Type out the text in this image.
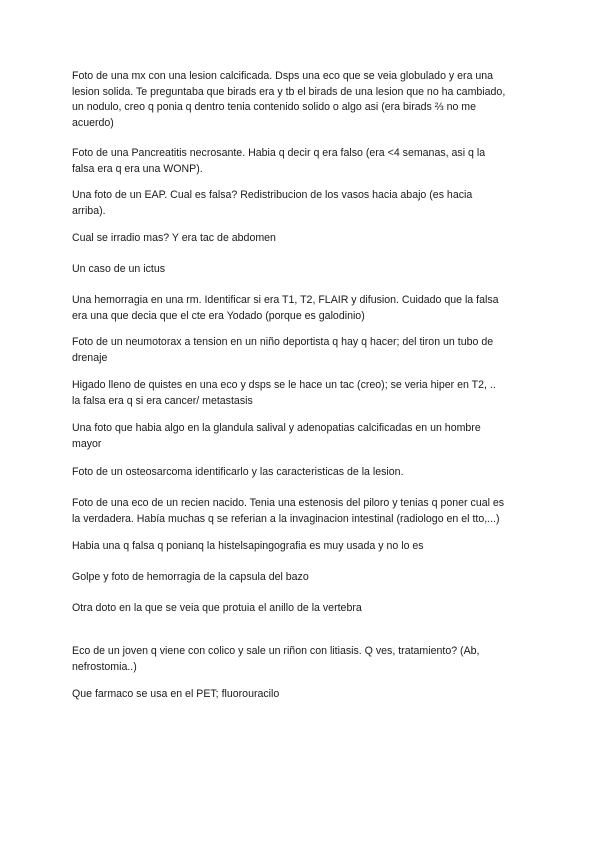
Foto de una mx con una lesion calcificada. Dsps una eco que se veia globulado y era una
lesion solida. Te preguntaba que birads era y tb el birads de una lesion que no ha cambiado,
un nodulo, creo q ponia q dentro tenia contenido solido o algo asi (era birads ⅔ no me
acuerdo)

Foto de una Pancreatitis necrosante. Habia q decir q era falso (era <4 semanas, asi q la
falsa era q era una WONP).

Una foto de un EAP. Cual es falsa? Redistribucion de los vasos hacia abajo (es hacia
arriba).

Cual se irradio mas? Y era tac de abdomen

Un caso de un ictus

Una hemorragia en una rm. Identificar si era T1, T2, FLAIR y difusion. Cuidado que la falsa
era una que decia que el cte era Yodado (porque es galodinio)

Foto de un neumotorax a tension en un niño deportista q hay q hacer; del tiron un tubo de
drenaje

Higado lleno de quistes en una eco y dsps se le hace un tac (creo); se veria hiper en T2, ..
la falsa era q si era cancer/ metastasis

Una foto que habia algo en la glandula salival y adenopatias calcificadas en un hombre
mayor

Foto de un osteosarcoma identificarlo y las caracteristicas de la lesion.

Foto de una eco de un recien nacido. Tenia una estenosis del piloro y tenias q poner cual es
la verdadera. Había muchas q se referian a la invaginacion intestinal (radiologo en el tto,...)

Habia una q falsa q ponianq la histelsapingografia es muy usada y no lo es

Golpe y foto de hemorragia de la capsula del bazo

Otra doto en la que se veia que protuia el anillo de la vertebra

Eco de un joven q viene con colico y sale un riñon con litiasis. Q ves, tratamiento? (Ab,
nefrostomia..)

Que farmaco se usa en el PET; fluorouracilo
